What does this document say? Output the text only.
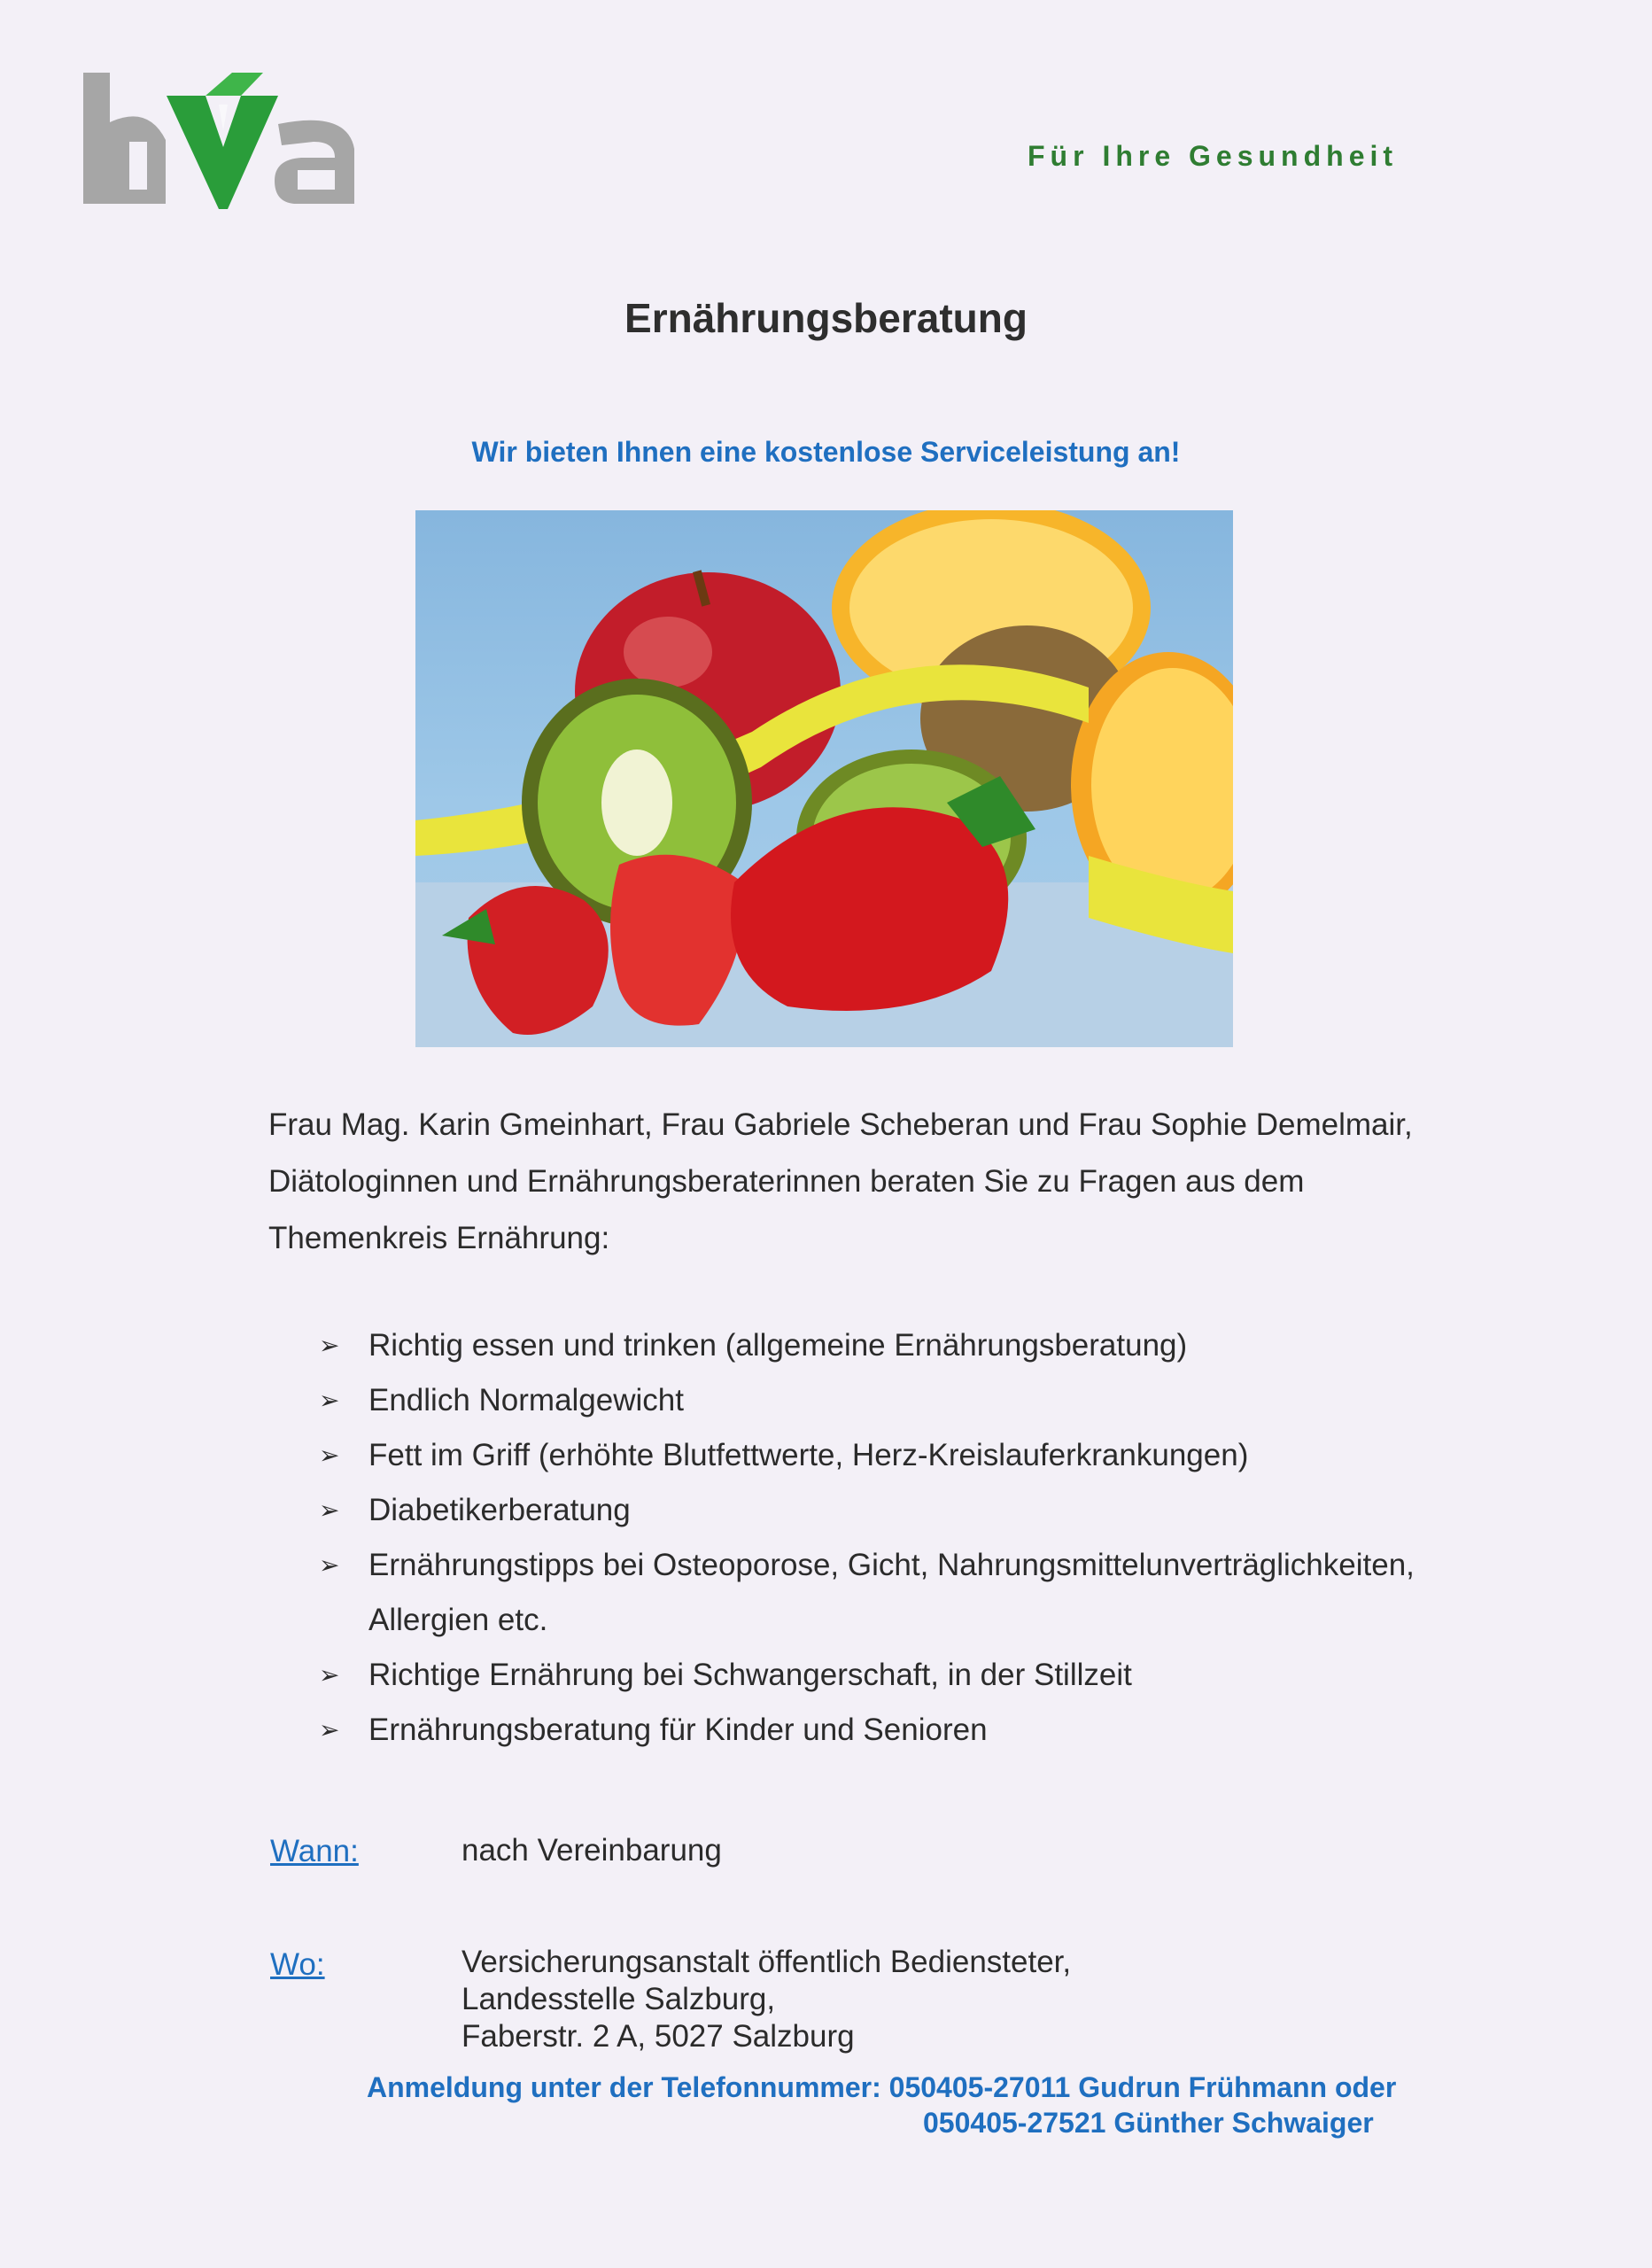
Für Ihre Gesundheit
Ernährungsberatung
Wir bieten Ihnen eine kostenlose Serviceleistung an!

Frau Mag. Karin Gmeinhart, Frau Gabriele Scheberan und Frau Sophie Demelmair,

Diätologinnen und Ernährungsberaterinnen beraten Sie zu Fragen aus dem

Themenkreis Ernährung:

➢ Richtig essen und trinken (allgemeine Ernährungsberatung)
➢ Endlich Normalgewicht
➢ Fett im Griff (erhöhte Blutfettwerte, Herz-Kreislauferkrankungen)
➢ Diabetikerberatung
➢ Ernährungstipps bei Osteoporose, Gicht, Nahrungsmittelunverträglichkeiten,
Allergien etc.
➢ Richtige Ernährung bei Schwangerschaft, in der Stillzeit
➢ Ernährungsberatung für Kinder und Senioren
Wann:	nach Vereinbarung
Wo:	Versicherungsanstalt öffentlich Bediensteter,

Landesstelle Salzburg,

Faberstr. 2 A, 5027 Salzburg

Anmeldung unter der Telefonnummer: 050405-27011 Gudrun Frühmann oder
050405-27521 Günther Schwaiger
